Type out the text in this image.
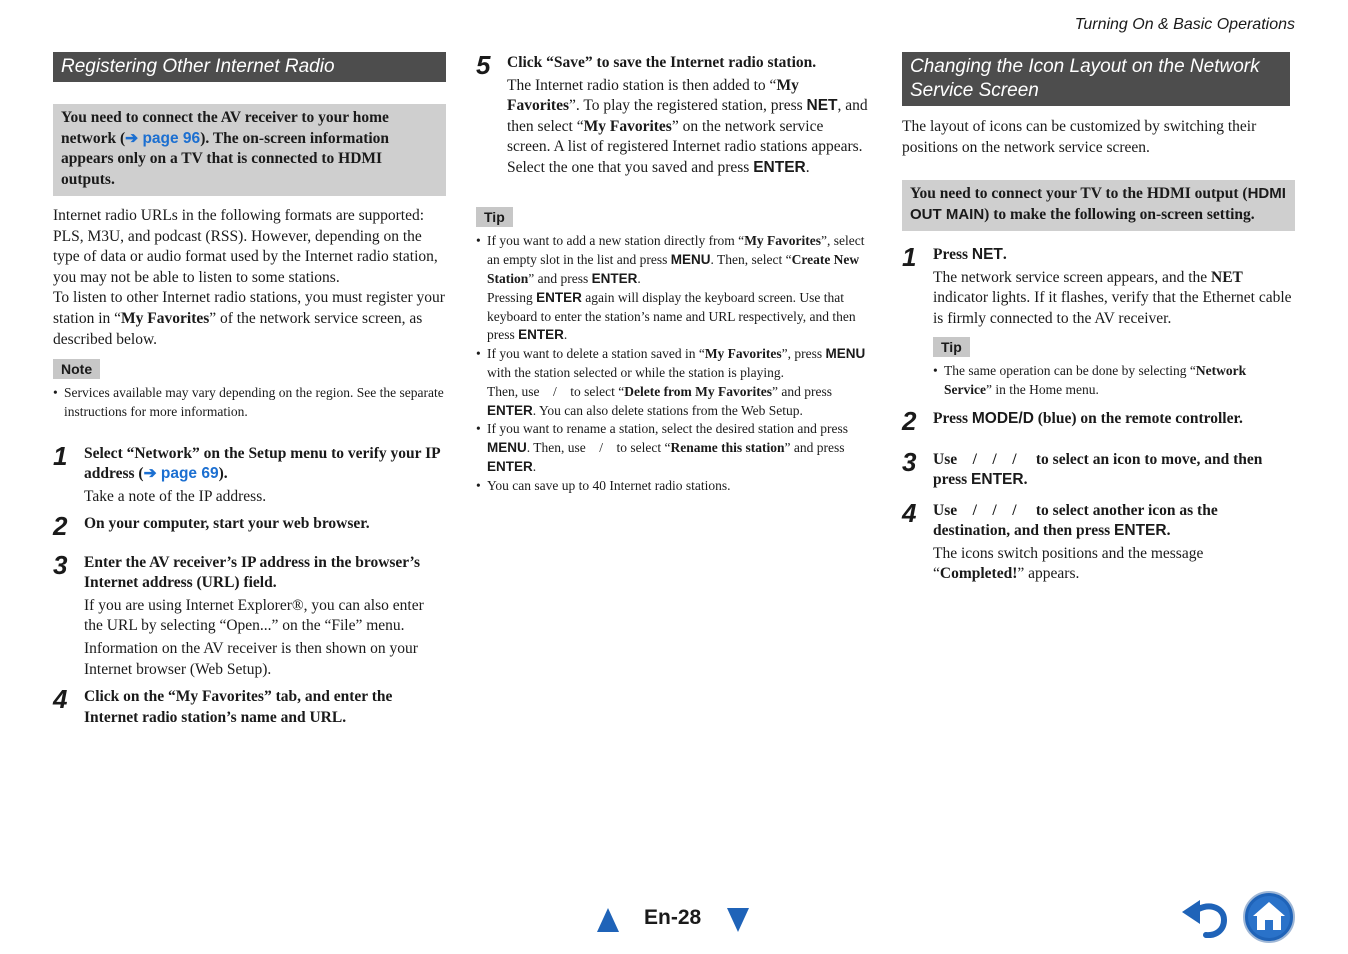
Turning On & Basic Operations
Registering Other Internet Radio
You need to connect the AV receiver to your home network (➔ page 96). The on-screen information appears only on a TV that is connected to HDMI outputs.

Internet radio URLs in the following formats are supported: PLS, M3U, and podcast (RSS). However, depending on the type of data or audio format used by the Internet radio station, you may not be able to listen to some stations.

To listen to other Internet radio stations, you must register your station in “My Favorites” of the network service screen, as described below.

Note
• Services available may vary depending on the region. See the separate instructions for more information.
1 Select “Network” on the Setup menu to verify your IP address (➔ page 69).

Take a note of the IP address.

2 On your computer, start your web browser.

3 Enter the AV receiver’s IP address in the browser’s Internet address (URL) field.

If you are using Internet Explorer®, you can also enter the URL by selecting “Open...” on the “File” menu.

Information on the AV receiver is then shown on your Internet browser (Web Setup).

4 Click on the “My Favorites” tab, and enter the Internet radio station’s name and URL.

5 Click “Save” to save the Internet radio station.

The Internet radio station is then added to “My Favorites”. To play the registered station, press NET, and then select “My Favorites” on the network service screen. A list of registered Internet radio stations appears. Select the one that you saved and press ENTER.

Tip
• If you want to add a new station directly from “My Favorites”, select an empty slot in the list and press MENU. Then, select “Create New Station” and press ENTER.
Pressing ENTER again will display the keyboard screen. Use that keyboard to enter the station’s name and URL respectively, and then press ENTER.
• If you want to delete a station saved in “My Favorites”, press MENU with the station selected or while the station is playing.
Then, use    /    to select “Delete from My Favorites” and press ENTER. You can also delete stations from the Web Setup.
• If you want to rename a station, select the desired station and press MENU. Then, use    /    to select “Rename this station” and press ENTER.
• You can save up to 40 Internet radio stations.
Changing the Icon Layout on the Network Service Screen

The layout of icons can be customized by switching their positions on the network service screen.

You need to connect your TV to the HDMI output (HDMI OUT MAIN) to make the following on-screen setting.
1 Press NET.

The network service screen appears, and the NET indicator lights. If it flashes, verify that the Ethernet cable is firmly connected to the AV receiver.

Tip
• The same operation can be done by selecting “Network Service” in the Home menu.
2 Press MODE/D (blue) on the remote controller.

3 Use    /    /    /     to select an icon to move, and then press ENTER.

4 Use    /    /    /     to select another icon as the destination, and then press ENTER.

The icons switch positions and the message “Completed!” appears.

En-28
